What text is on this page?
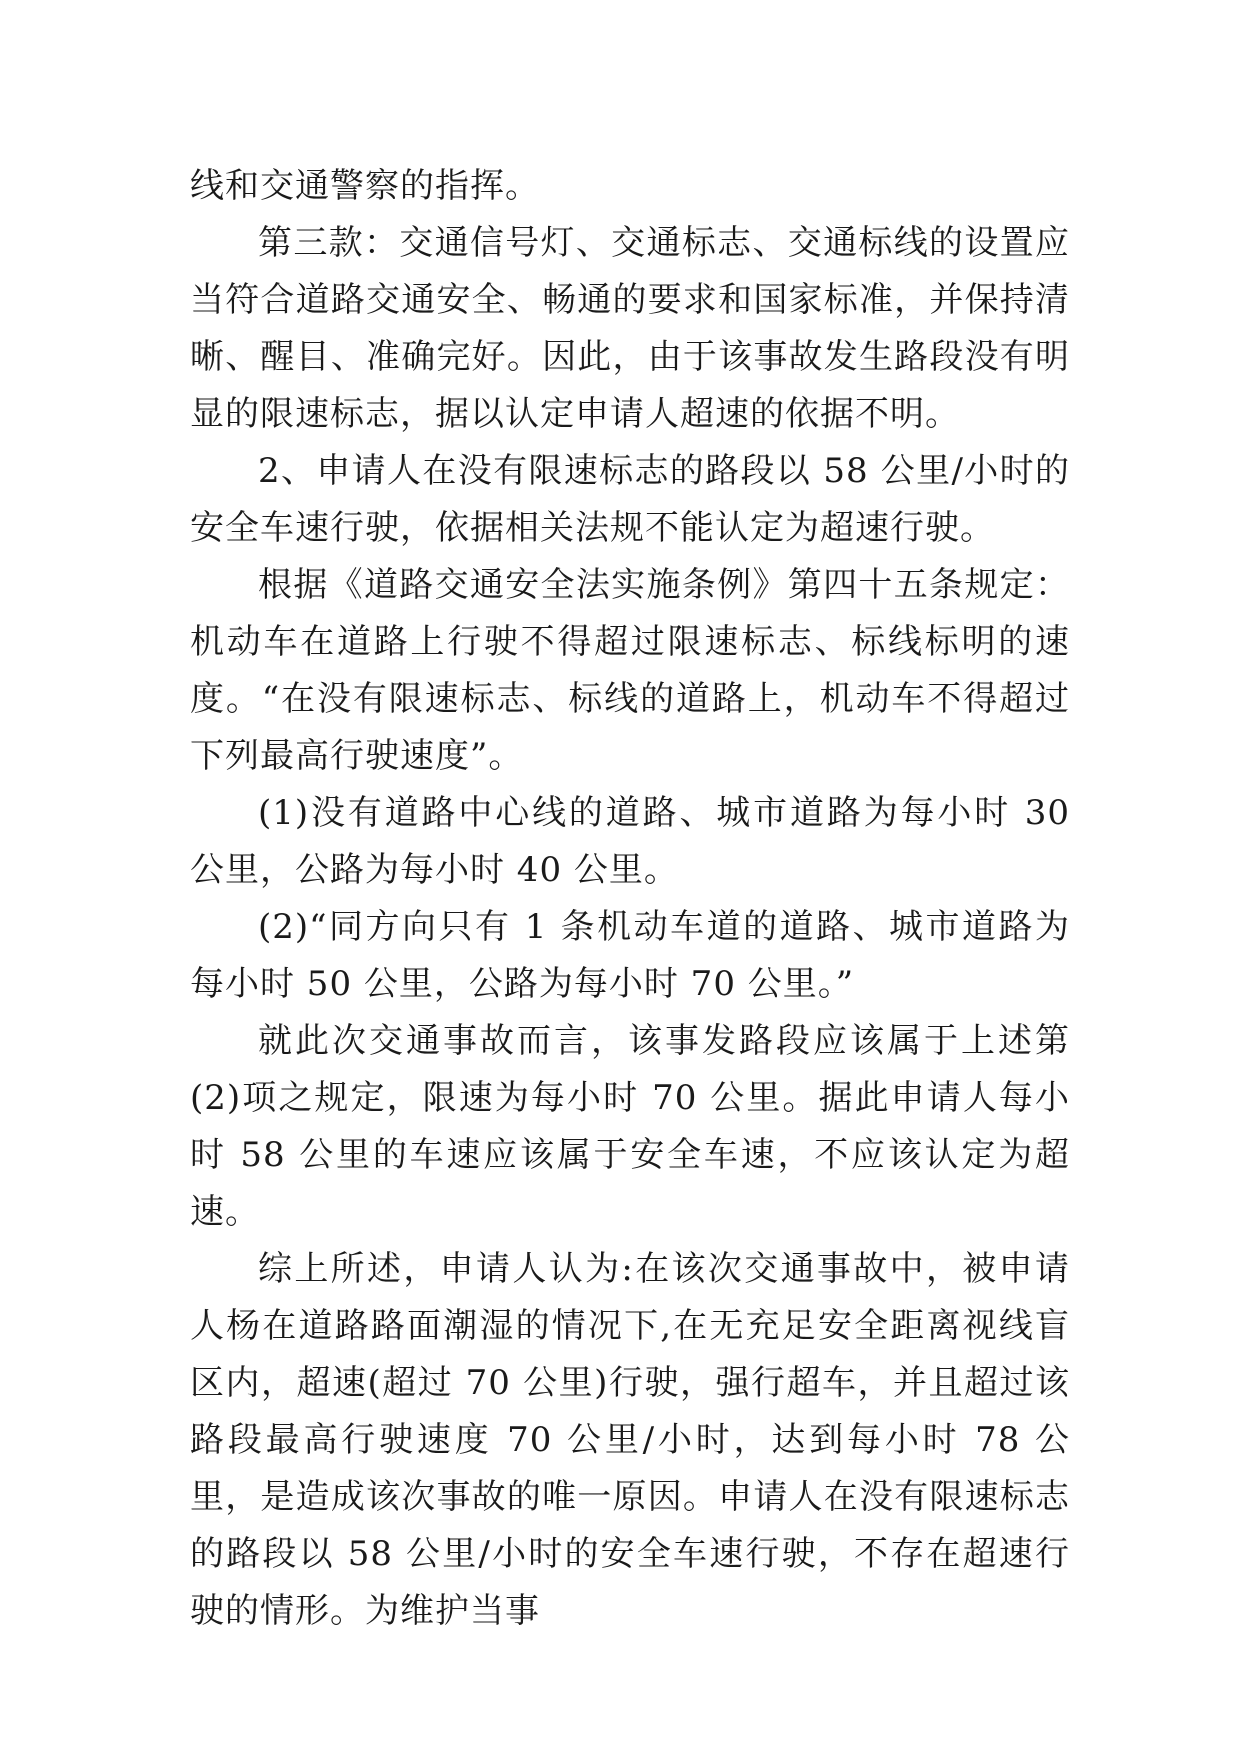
线和交通警察的指挥。

第三款：交通信号灯、交通标志、交通标线的设置应当符合道路交通安全、畅通的要求和国家标准，并保持清晰、醒目、准确完好。因此，由于该事故发生路段没有明显的限速标志，据以认定申请人超速的依据不明。

2、申请人在没有限速标志的路段以 58 公里/小时的安全车速行驶，依据相关法规不能认定为超速行驶。

根据《道路交通安全法实施条例》第四十五条规定：机动车在道路上行驶不得超过限速标志、标线标明的速度。“在没有限速标志、标线的道路上，机动车不得超过下列最高行驶速度”。

(1)没有道路中心线的道路、城市道路为每小时 30 公里，公路为每小时 40 公里。

(2)“同方向只有 1 条机动车道的道路、城市道路为每小时 50 公里，公路为每小时 70 公里。”

就此次交通事故而言，该事发路段应该属于上述第(2)项之规定，限速为每小时 70 公里。据此申请人每小时 58 公里的车速应该属于安全车速，不应该认定为超速。

综上所述，申请人认为:在该次交通事故中，被申请人杨在道路路面潮湿的情况下,在无充足安全距离视线盲区内，超速(超过 70 公里)行驶，强行超车，并且超过该路段最高行驶速度 70 公里/小时，达到每小时 78 公里，是造成该次事故的唯一原因。申请人在没有限速标志的路段以 58 公里/小时的安全车速行驶，不存在超速行驶的情形。为维护当事
